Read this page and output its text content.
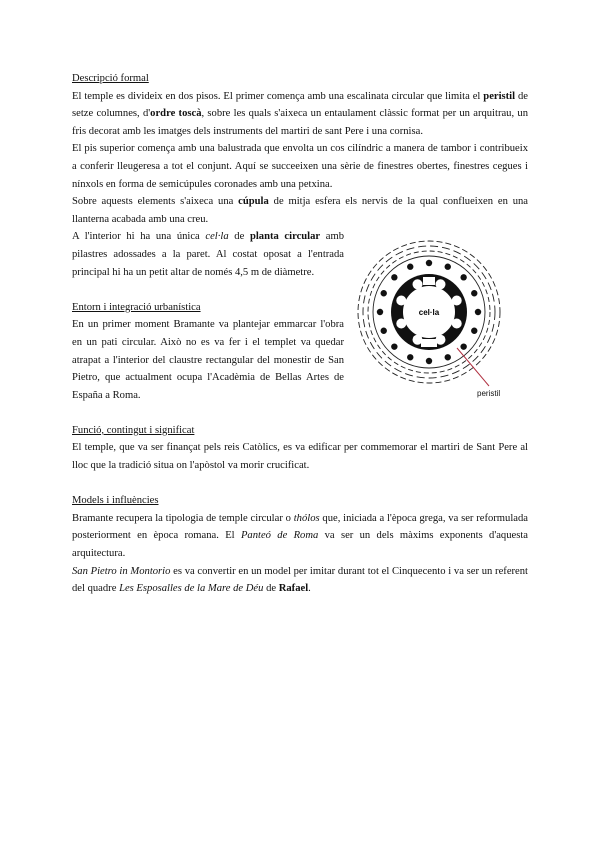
Descripció formal

El temple es divideix en dos pisos. El primer comença amb una escalinata circular que limita el peristil de setze columnes, d'ordre toscà, sobre les quals s'aixeca un entaulament clàssic format per un arquitrau, un fris decorat amb les imatges dels instruments del martiri de sant Pere i una cornisa.

El pis superior comença amb una balustrada que envolta un cos cilíndric a manera de tambor i contribueix a conferir lleugeresa a tot el conjunt. Aquí se succeeixen una sèrie de finestres obertes, finestres cegues i nínxols en forma de semicúpules coronades amb una petxina.

Sobre aquests elements s'aixeca una cúpula de mitja esfera els nervis de la qual conflueixen en una llanterna acabada amb una creu.

A l'interior hi ha una única cel·la de planta circular amb pilastres adossades a la paret. Al costat oposat a l'entrada principal hi ha un petit altar de només 4,5 m de diàmetre.

Entorn i integració urbanística

En un primer moment Bramante va plantejar emmarcar l'obra en un pati circular. Això no es va fer i el templet va quedar atrapat a l'interior del claustre rectangular del monestir de San Pietro, que actualment ocupa l'Acadèmia de Bellas Artes de España a Roma.

Funció, contingut i significat

El temple, que va ser finançat pels reis Catòlics, es va edificar per commemorar el martiri de Sant Pere al lloc que la tradició situa on l'apòstol va morir crucificat.

Models i influències

Bramante recupera la tipologia de temple circular o thólos que, iniciada a l'època grega, va ser reformulada posteriorment en època romana. El Panteó de Roma va ser un dels màxims exponents d'aquesta arquitectura.

San Pietro in Montorio es va convertir en un model per imitar durant tot el Cinquecento i va ser un referent del quadre Les Esposalles de la Mare de Déu de Rafael.

cel·la
peristil
